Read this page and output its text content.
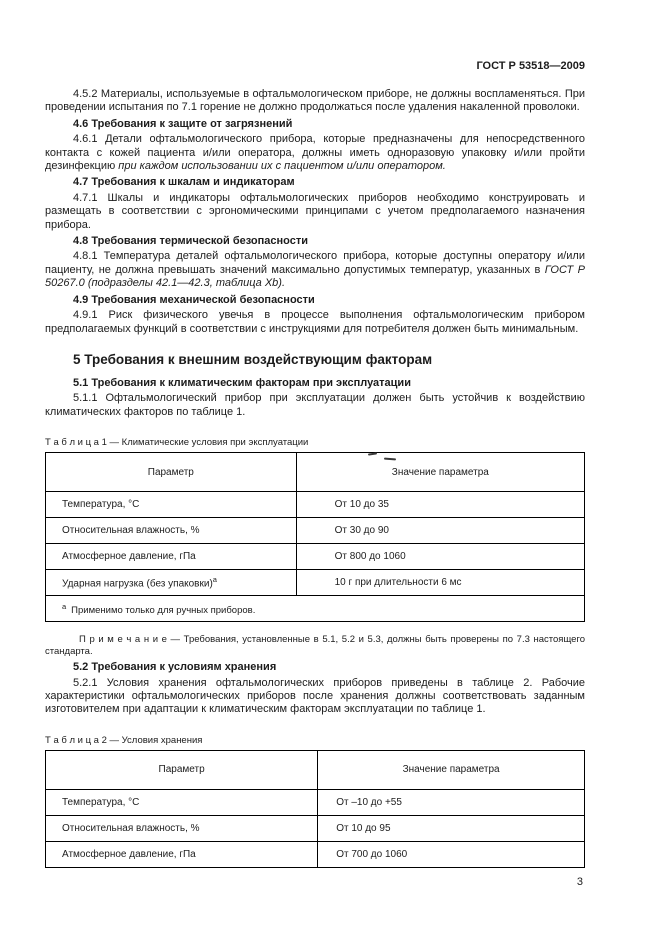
ГОСТ Р 53518—2009

4.5.2 Материалы, используемые в офтальмологическом приборе, не должны воспламеняться. При проведении испытания по 7.1 горение не должно продолжаться после удаления накаленной проволоки.

4.6 Требования к защите от загрязнений

4.6.1 Детали офтальмологического прибора, которые предназначены для непосредственного контакта с кожей пациента и/или оператора, должны иметь одноразовую упаковку и/или пройти дезинфекцию при каждом использовании их с пациентом и/или оператором.

4.7 Требования к шкалам и индикаторам

4.7.1 Шкалы и индикаторы офтальмологических приборов необходимо конструировать и размещать в соответствии с эргономическими принципами с учетом предполагаемого назначения прибора.

4.8 Требования термической безопасности

4.8.1 Температура деталей офтальмологического прибора, которые доступны оператору и/или пациенту, не должна превышать значений максимально допустимых температур, указанных в ГОСТ Р 50267.0 (подразделы 42.1—42.3, таблица Xb).

4.9 Требования механической безопасности

4.9.1 Риск физического увечья в процессе выполнения офтальмологическим прибором предполагаемых функций в соответствии с инструкциями для потребителя должен быть минимальным.

5 Требования к внешним воздействующим факторам

5.1 Требования к климатическим факторам при эксплуатации

5.1.1 Офтальмологический прибор при эксплуатации должен быть устойчив к воздействию климатических факторов по таблице 1.

Т а б л и ц а 1 — Климатические условия при эксплуатации

Параметр	Значение параметра
Температура, °С	От 10 до 35
Относительная влажность, %	От 30 до 90
Атмосферное давление, гПа	От 800 до 1060
Ударная нагрузка (без упаковки)$^а$	10 г при длительности 6 мс
$^а$ Применимо только для ручных приборов.	

П р и м е ч а н и е — Требования, установленные в 5.1, 5.2 и 5.3, должны быть проверены по 7.3 настоящего стандарта.

5.2 Требования к условиям хранения

5.2.1 Условия хранения офтальмологических приборов приведены в таблице 2. Рабочие характеристики офтальмологических приборов после хранения должны соответствовать заданным изготовителем при адаптации к климатическим факторам эксплуатации по таблице 1.

Т а б л и ц а 2 — Условия хранения

Параметр	Значение параметра
Температура, °С	От –10 до +55
Относительная влажность, %	От 10 до 95
Атмосферное давление, гПа	От 700 до 1060
3
